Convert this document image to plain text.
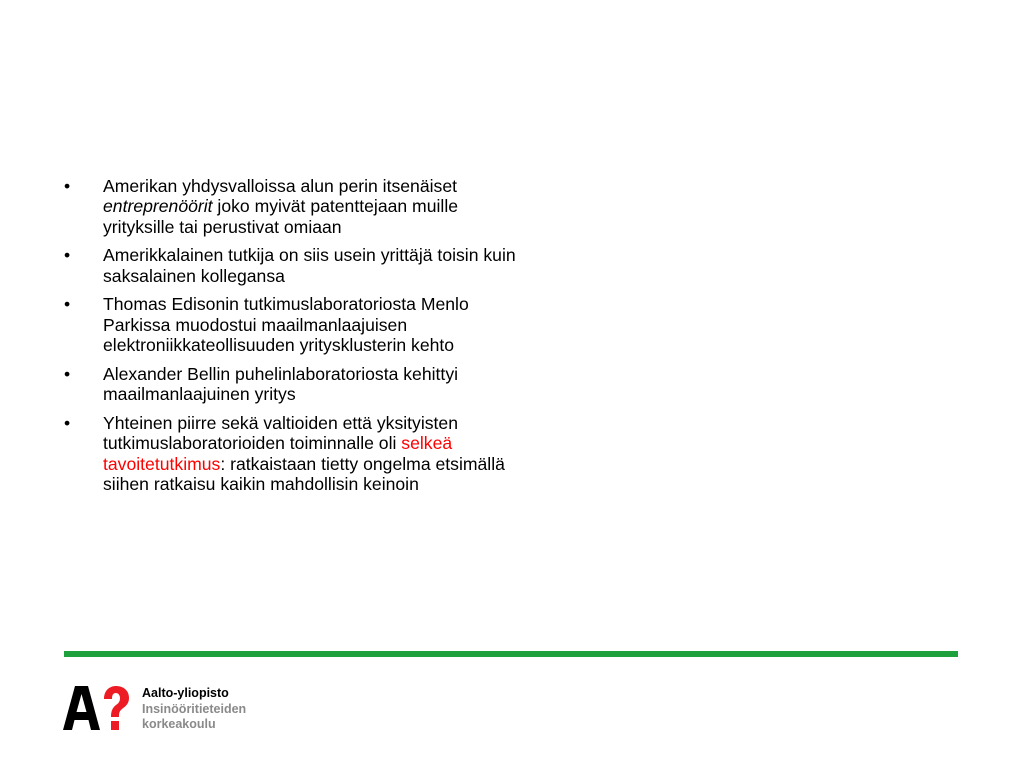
•	Amerikan yhdysvalloissa alun perin itsenäiset entreprenöörit joko myivät patenttejaan muille yrityksille tai perustivat omiaan
•	Amerikkalainen tutkija on siis usein yrittäjä toisin kuin saksalainen kollegansa
•	Thomas Edisonin tutkimuslaboratoriosta Menlo Parkissa muodostui maailmanlaajuisen elektroniikkateollisuuden yritysklusterin kehto
•	Alexander Bellin puhelinlaboratoriosta kehittyi maailmanlaajuinen yritys
•	Yhteinen piirre sekä valtioiden että yksityisten tutkimuslaboratorioiden toiminnalle oli selkeä tavoitetutkimus: ratkaistaan tietty ongelma etsimällä siihen ratkaisu kaikin mahdollisin keinoin
Aalto-yliopisto
Insinööritieteiden
korkeakoulu
